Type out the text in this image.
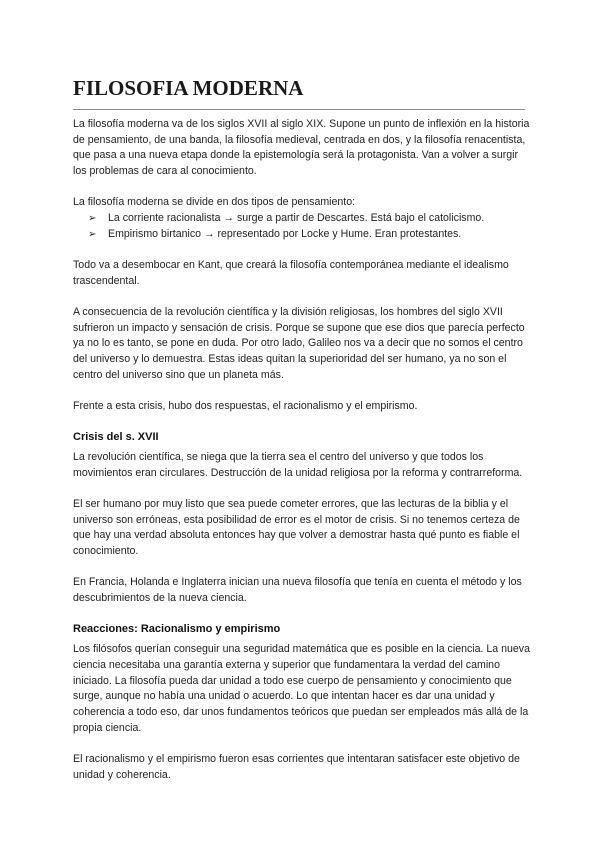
FILOSOFIA MODERNA

La filosofía moderna va de los siglos XVII al siglo XIX. Supone un punto de inflexión en la historia de pensamiento, de una banda, la filosofía medieval, centrada en dos, y la filosofía renacentista, que pasa a una nueva etapa donde la epistemología será la protagonista. Van a volver a surgir los problemas de cara al conocimiento.

La filosofía moderna se divide en dos tipos de pensamiento:

➢ La corriente racionalista → surge a partir de Descartes. Está bajo el catolicismo.
➢ Empirismo birtanico → representado por Locke y Hume. Eran protestantes.

Todo va a desembocar en Kant, que creará la filosofía contemporánea mediante el idealismo trascendental.

A consecuencia de la revolución científica y la división religiosas, los hombres del siglo XVII sufrieron un impacto y sensación de crisis. Porque se supone que ese dios que parecía perfecto ya no lo es tanto, se pone en duda. Por otro lado, Galileo nos va a decir que no somos el centro del universo y lo demuestra. Estas ideas quitan la superioridad del ser humano, ya no son el centro del universo sino que un planeta más.

Frente a esta crisis, hubo dos respuestas, el racionalismo y el empirismo.

Crisis del s. XVII

La revolución científica, se niega que la tierra sea el centro del universo y que todos los movimientos eran circulares. Destrucción de la unidad religiosa por la reforma y contrarreforma.

El ser humano por muy listo que sea puede cometer errores, que las lecturas de la biblia y el universo son erróneas, esta posibilidad de error es el motor de crisis. Si no tenemos certeza de que hay una verdad absoluta entonces hay que volver a demostrar hasta qué punto es fiable el conocimiento.

En Francia, Holanda e Inglaterra inician una nueva filosofía que tenía en cuenta el método y los descubrimientos de la nueva ciencia.

Reacciones: Racionalismo y empirismo

Los filósofos querían conseguir una seguridad matemática que es posible en la ciencia. La nueva ciencia necesitaba una garantía externa y superior que fundamentara la verdad del camino iniciado. La filosofía pueda dar unidad a todo ese cuerpo de pensamiento y conocimiento que surge, aunque no había una unidad o acuerdo. Lo que intentan hacer es dar una unidad y coherencia a todo eso, dar unos fundamentos teóricos que puedan ser empleados más allá de la propia ciencia.

El racionalismo y el empirismo fueron esas corrientes que intentaran satisfacer este objetivo de unidad y coherencia.
